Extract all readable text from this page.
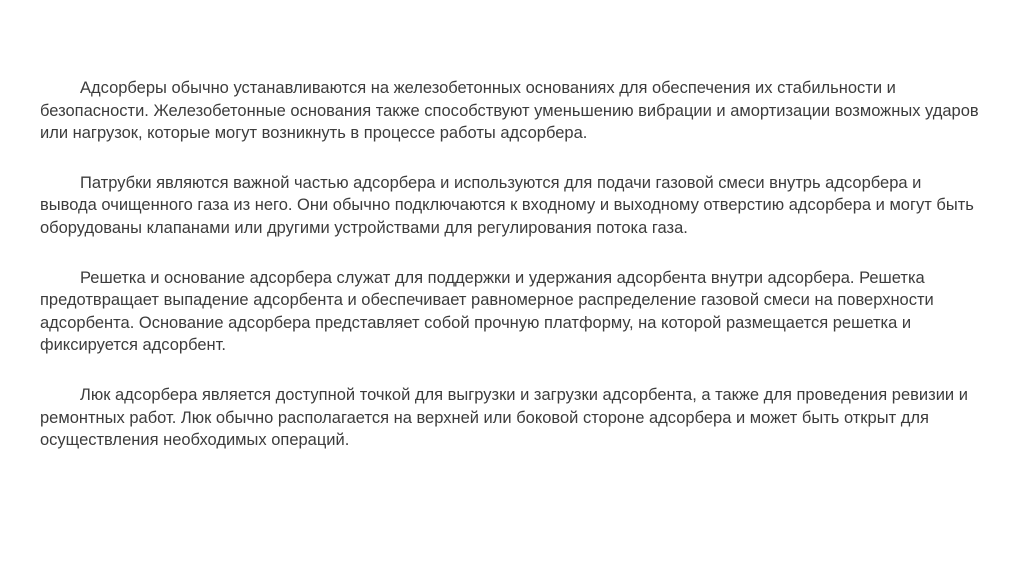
Адсорберы обычно устанавливаются на железобетонных основаниях для обеспечения их стабильности и безопасности. Железобетонные основания также способствуют уменьшению вибрации и амортизации возможных ударов или нагрузок, которые могут возникнуть в процессе работы адсорбера.

Патрубки являются важной частью адсорбера и используются для подачи газовой смеси внутрь адсорбера и вывода очищенного газа из него. Они обычно подключаются к входному и выходному отверстию адсорбера и могут быть оборудованы клапанами или другими устройствами для регулирования потока газа.

Решетка и основание адсорбера служат для поддержки и удержания адсорбента внутри адсорбера. Решетка предотвращает выпадение адсорбента и обеспечивает равномерное распределение газовой смеси на поверхности адсорбента. Основание адсорбера представляет собой прочную платформу, на которой размещается решетка и фиксируется адсорбент.

Люк адсорбера является доступной точкой для выгрузки и загрузки адсорбента, а также для проведения ревизии и ремонтных работ. Люк обычно располагается на верхней или боковой стороне адсорбера и может быть открыт для осуществления необходимых операций.
